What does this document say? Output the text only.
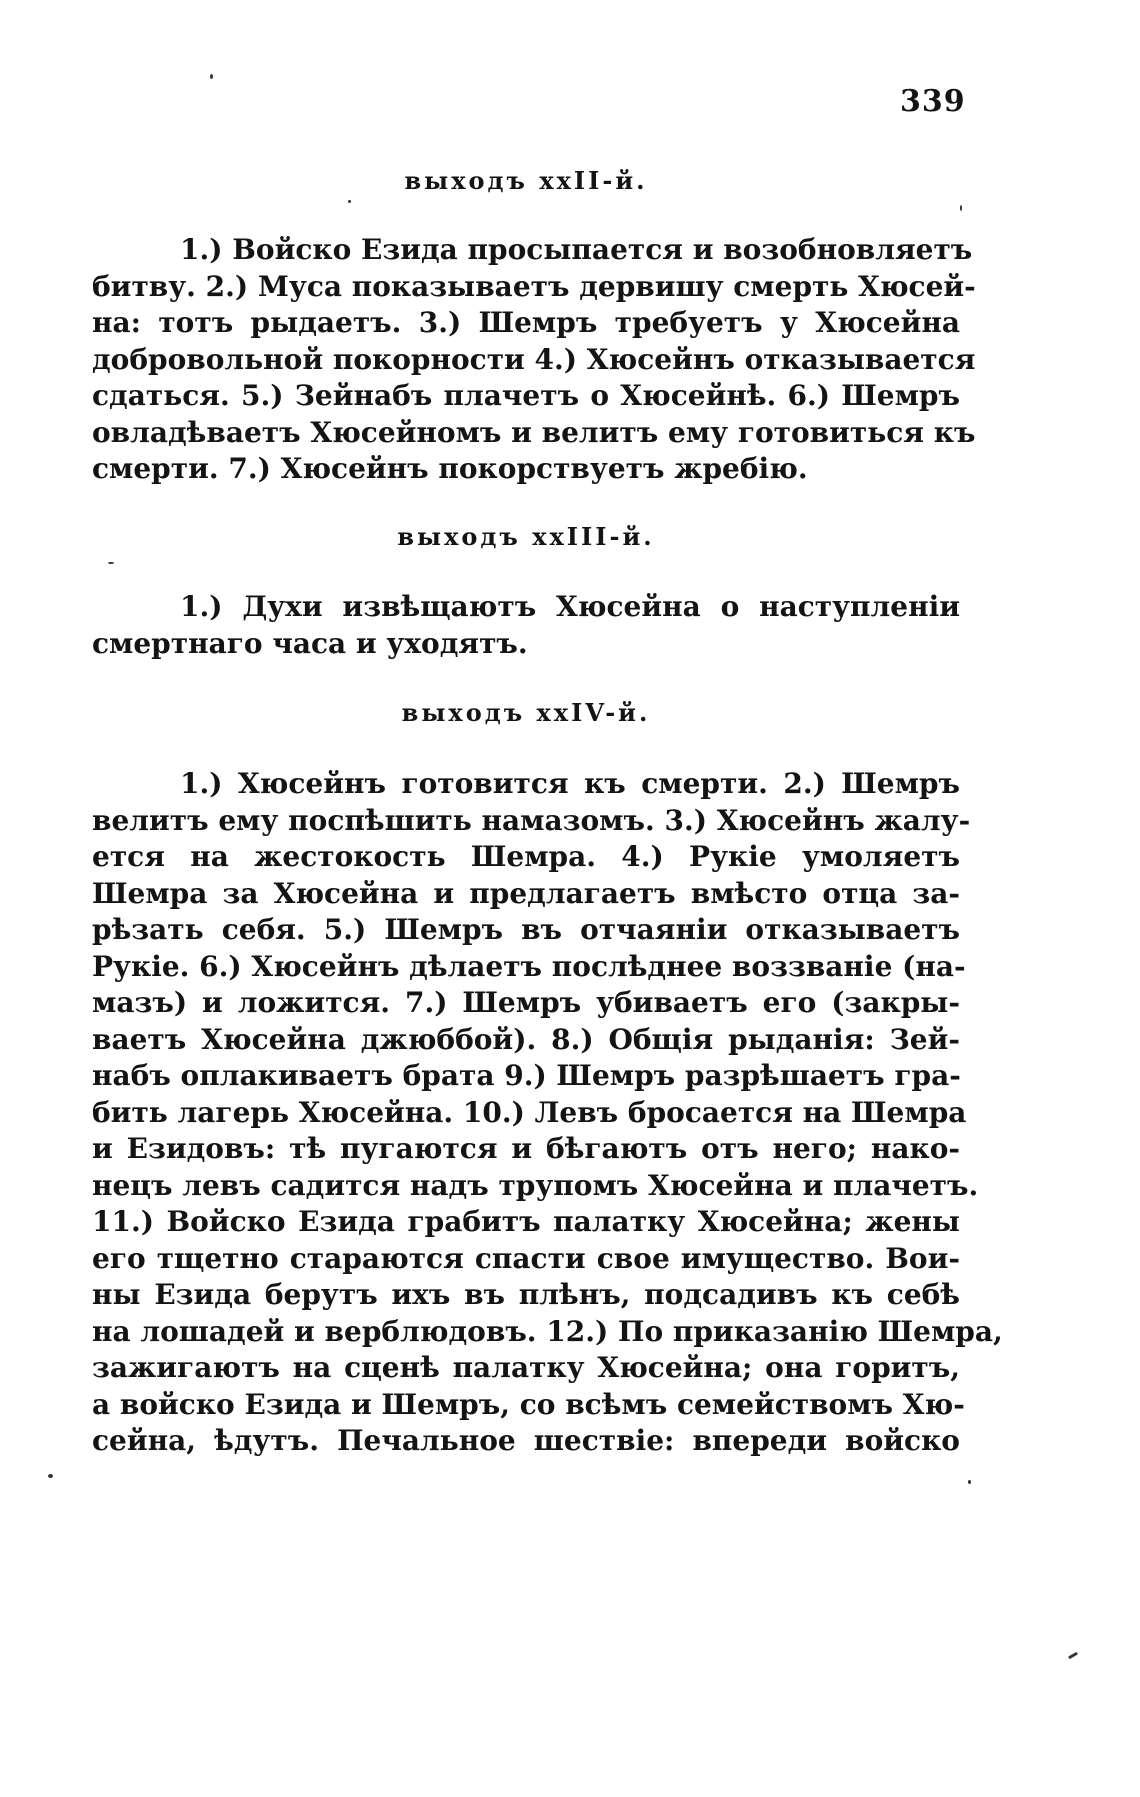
339
выходъ ххII-й.
1.) Войско Езида просыпается и возобновляетъ
битву. 2.) Муса показываетъ дервишу смерть Хюсей-
на: тотъ рыдаетъ. 3.) Шемръ требуетъ у Хюсейна
добровольной покорности 4.) Хюсейнъ отказывается
сдаться. 5.) Зейнабъ плачетъ о Хюсейнѣ. 6.) Шемръ
овладѣваетъ Хюсейномъ и велитъ ему готовиться къ
смерти. 7.) Хюсейнъ покорствуетъ жребію.
выходъ ххIII-й.
1.) Духи извѣщаютъ Хюсейна о наступленіи
смертнаго часа и уходятъ.
выходъ ххIV-й.
1.) Хюсейнъ готовится къ смерти. 2.) Шемръ
велитъ ему поспѣшить намазомъ. 3.) Хюсейнъ жалу-
ется на жестокость Шемра. 4.) Рукіе умоляетъ
Шемра за Хюсейна и предлагаетъ вмѣсто отца за-
рѣзать себя. 5.) Шемръ въ отчаяніи отказываетъ
Рукіе. 6.) Хюсейнъ дѣлаетъ послѣднее воззваніе (на-
мазъ) и ложится. 7.) Шемръ убиваетъ его (закры-
ваетъ Хюсейна джюббой). 8.) Общія рыданія: Зей-
набъ оплакиваетъ брата 9.) Шемръ разрѣшаетъ гра-
бить лагерь Хюсейна. 10.) Левъ бросается на Шемра
и Езидовъ: тѣ пугаются и бѣгаютъ отъ него; нако-
нецъ левъ садится надъ трупомъ Хюсейна и плачетъ.
11.) Войско Езида грабитъ палатку Хюсейна; жены
его тщетно стараются спасти свое имущество. Вои-
ны Езида берутъ ихъ въ плѣнъ, подсадивъ къ себѣ
на лошадей и верблюдовъ. 12.) По приказанію Шемра,
зажигаютъ на сценѣ палатку Хюсейна; она горитъ,
а войско Езида и Шемръ, со всѣмъ семействомъ Хю-
сейна, ѣдутъ. Печальное шествіе: впереди войско
